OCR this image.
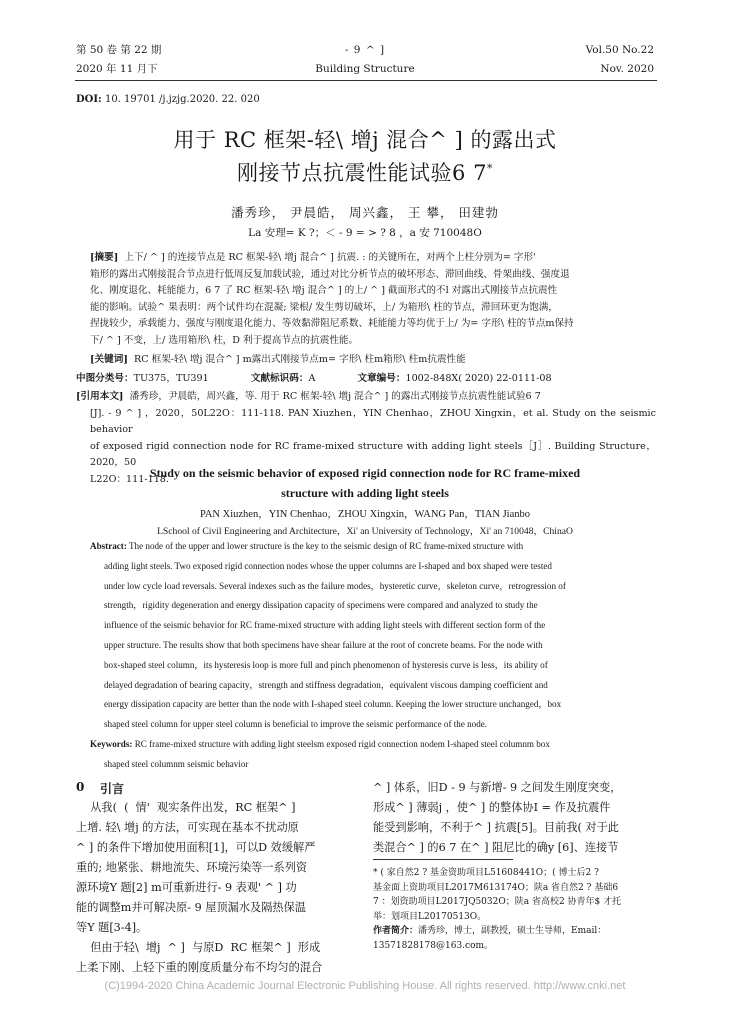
第 50 卷 第 22 期
2020 年 11 月下
- 9 ^ ]
Building Structure
Vol.50 No.22
Nov. 2020
DOI: 10. 19701 /j.jzjg.2020. 22. 020
用于 RC 框架-轻\ 增j 混合^ ] 的露出式
刚接节点抗震性能试验6 7*
潘秀珍， 尹晨皓， 周兴鑫， 王 攀， 田建勃
La 安理= K ?；＜ - 9 = > ? 8 ，a 安 710048O
[摘要] 上下/ ^ ] 的连接节点是 RC 框架-轻\ 增j 混合^ ] 抗震. : 的关键所在，对两个上柱分别为= 字形'
箱形的露出式刚接混合节点进行低周反复加载试验，通过对比分析节点的破坏形态、滞回曲线、骨架曲线、强度退
化、刚度退化、耗能能力，6 7 了 RC 框架-轻\ 增j 混合^ ] 的上/ ^ ] 截面形式的不l 对露出式刚接节点抗震性
能的影响。试验^ 果表明：两个试件均在混凝; 梁根/ 发生剪切破坏，上/ 为箱形\ 柱的节点，滞回环更为饱满，
捏拢较少，承载能力、强度与刚度退化能力、等效黏滞阻尼系数、耗能能力等均优于上/ 为= 字形\ 柱的节点m保持
下/ ^ ] 不变，上/ 选用箱形\ 柱，D 利于提高节点的抗震性能。
[关键词] RC 框架-轻\ 增j 混合^ ] m露出式刚接节点m= 字形\ 柱m箱形\ 柱m抗震性能
中图分类号：TU375，TU391	文献标识码：A	文章编号：1002-848X( 2020) 22-0111-08
[引用本文] 潘秀珍，尹晨皓，周兴鑫，等. 用于 RC 框架-轻\ 增j 混合^ ] 的露出式刚接节点抗震性能试验6 7
[J]. - 9 ^ ] ，2020，50L22O：111-118. PAN Xiuzhen，YIN Chenhao，ZHOU Xingxin，et al. Study on the seismic behavior
of exposed rigid connection node for RC frame-mixed structure with adding light steels［J］. Building Structure，2020，50
L22O：111-118.
Study on the seismic behavior of exposed rigid connection node for RC frame-mixed
structure with adding light steels
PAN Xiuzhen，YIN Chenhao，ZHOU Xingxin，WANG Pan，TIAN Jianbo
LSchool of Civil Engineering and Architecture，Xi' an University of Technology，Xi' an 710048，ChinaO
Abstract: The node of the upper and lower structure is the key to the seismic design of RC frame-mixed structure with
adding light steels. Two exposed rigid connection nodes whose the upper columns are I-shaped and box shaped were tested
under low cycle load reversals. Several indexes such as the failure modes，hysteretic curve，skeleton curve，retrogression of
strength，rigidity degeneration and energy dissipation capacity of specimens were compared and analyzed to study the
influence of the seismic behavior for RC frame-mixed structure with adding light steels with different section form of the
upper structure. The results show that both specimens have shear failure at the root of concrete beams. For the node with
box-shaped steel column，its hysteresis loop is more full and pinch phenomenon of hysteresis curve is less，its ability of
delayed degradation of bearing capacity，strength and stiffness degradation，equivalent viscous damping coefficient and
energy dissipation capacity are better than the node with I-shaped steel column. Keeping the lower structure unchanged，box
shaped steel column for upper steel column is beneficial to improve the seismic performance of the node.
Keywords: RC frame-mixed structure with adding light steelsm exposed rigid connection nodem I-shaped steel columnm box
shaped steel columnm seismic behavior
0 引言
从我(  (  情'  观实条件出发，RC 框架^ ]
上增. 轻\ 增j 的方法，可实现在基本不扰动原
^ ] 的条件下增加使用面积[1]，可以D 效缓解严
重的; 地紧张、耕地流失、环境污染等一系列资
源环境Y 题[2] m可重新进行- 9 表观' ^ ] 功
能的调整m并可解决原- 9 屋顶漏水及隔热保温
等Y 题[3-4]。
但由于轻\  增j  ^ ]  与原D  RC 框架^ ]  形成
上柔下刚、上轻下重的刚度质量分布不均匀的混合
^ ] 体系，旧D - 9 与新增- 9 之间发生刚度突变，
形成^ ] 薄弱j ，使^ ] 的整体协I = 作及抗震件
能受到影响，不利于^ ] 抗震[5]。目前我( 对于此
类混合^ ] 的6 7 在^ ] 阻尼比的确y [6]、连接节
* ( 家自然2 ? 基金资助项目L51608441O；( 博士后2 ?
基金面上资助项目L2017M613174O；陕a 省自然2 ? 基础6
7 ：划资助项目L2017JQ5032O；陕a 省高校2 协青年$ 才托
举：划项目L20170513O。
作者简介：潘秀珍，博士，副教授，硕士生导师，Email：
13571828178@163.com。
(C)1994-2020 China Academic Journal Electronic Publishing House. All rights reserved. http://www.cnki.net
